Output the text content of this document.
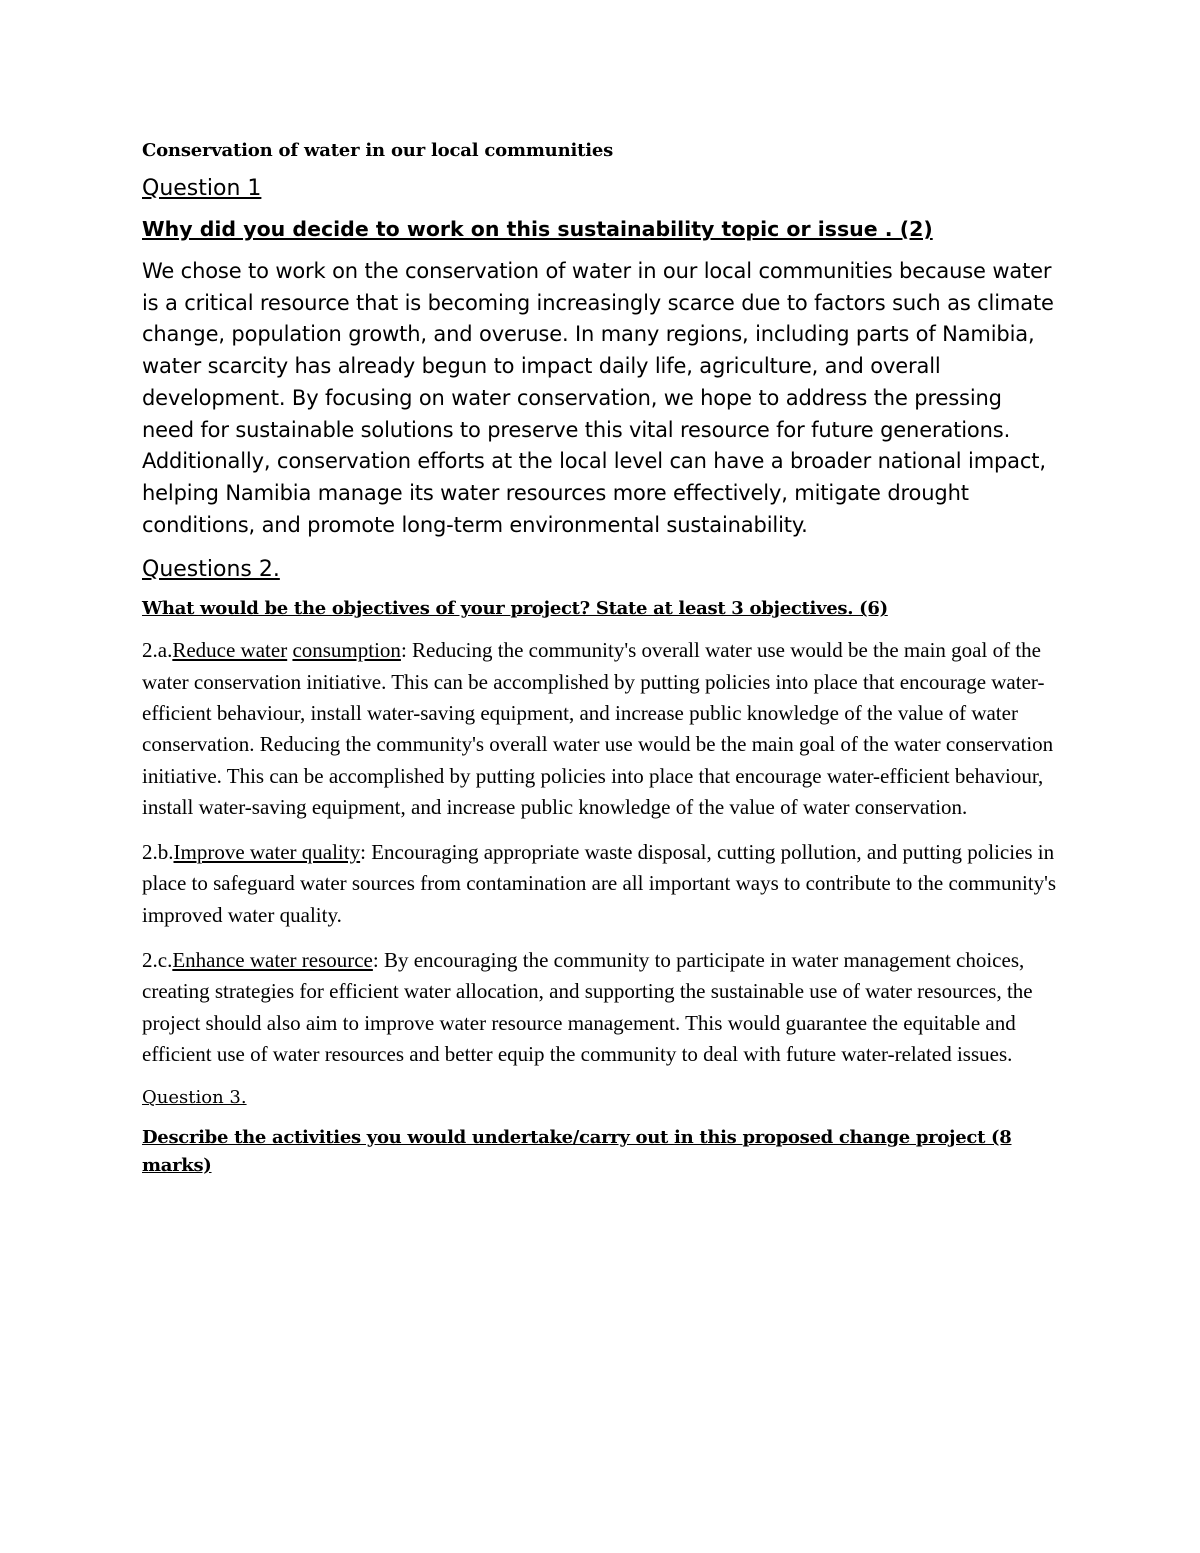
Conservation of water in our local communities
Question 1
Why did you decide to work on this sustainability topic or issue . (2)

We chose to work on the conservation of water in our local communities because water is a critical resource that is becoming increasingly scarce due to factors such as climate change, population growth, and overuse. In many regions, including parts of Namibia, water scarcity has already begun to impact daily life, agriculture, and overall development. By focusing on water conservation, we hope to address the pressing need for sustainable solutions to preserve this vital resource for future generations. Additionally, conservation efforts at the local level can have a broader national impact, helping Namibia manage its water resources more effectively, mitigate drought conditions, and promote long-term environmental sustainability.

Questions 2.
What would be the objectives of your project? State at least 3 objectives. (6)

2.a.Reduce water consumption: Reducing the community's overall water use would be the main goal of the water conservation initiative. This can be accomplished by putting policies into place that encourage water-efficient behaviour, install water-saving equipment, and increase public knowledge of the value of water conservation. Reducing the community's overall water use would be the main goal of the water conservation initiative. This can be accomplished by putting policies into place that encourage water-efficient behaviour, install water-saving equipment, and increase public knowledge of the value of water conservation.

2.b.Improve water quality: Encouraging appropriate waste disposal, cutting pollution, and putting policies in place to safeguard water sources from contamination are all important ways to contribute to the community's improved water quality.

2.c.Enhance water resource: By encouraging the community to participate in water management choices, creating strategies for efficient water allocation, and supporting the sustainable use of water resources, the project should also aim to improve water resource management. This would guarantee the equitable and efficient use of water resources and better equip the community to deal with future water-related issues.

Question 3.
Describe the activities you would undertake/carry out in this proposed change project (8 marks)
